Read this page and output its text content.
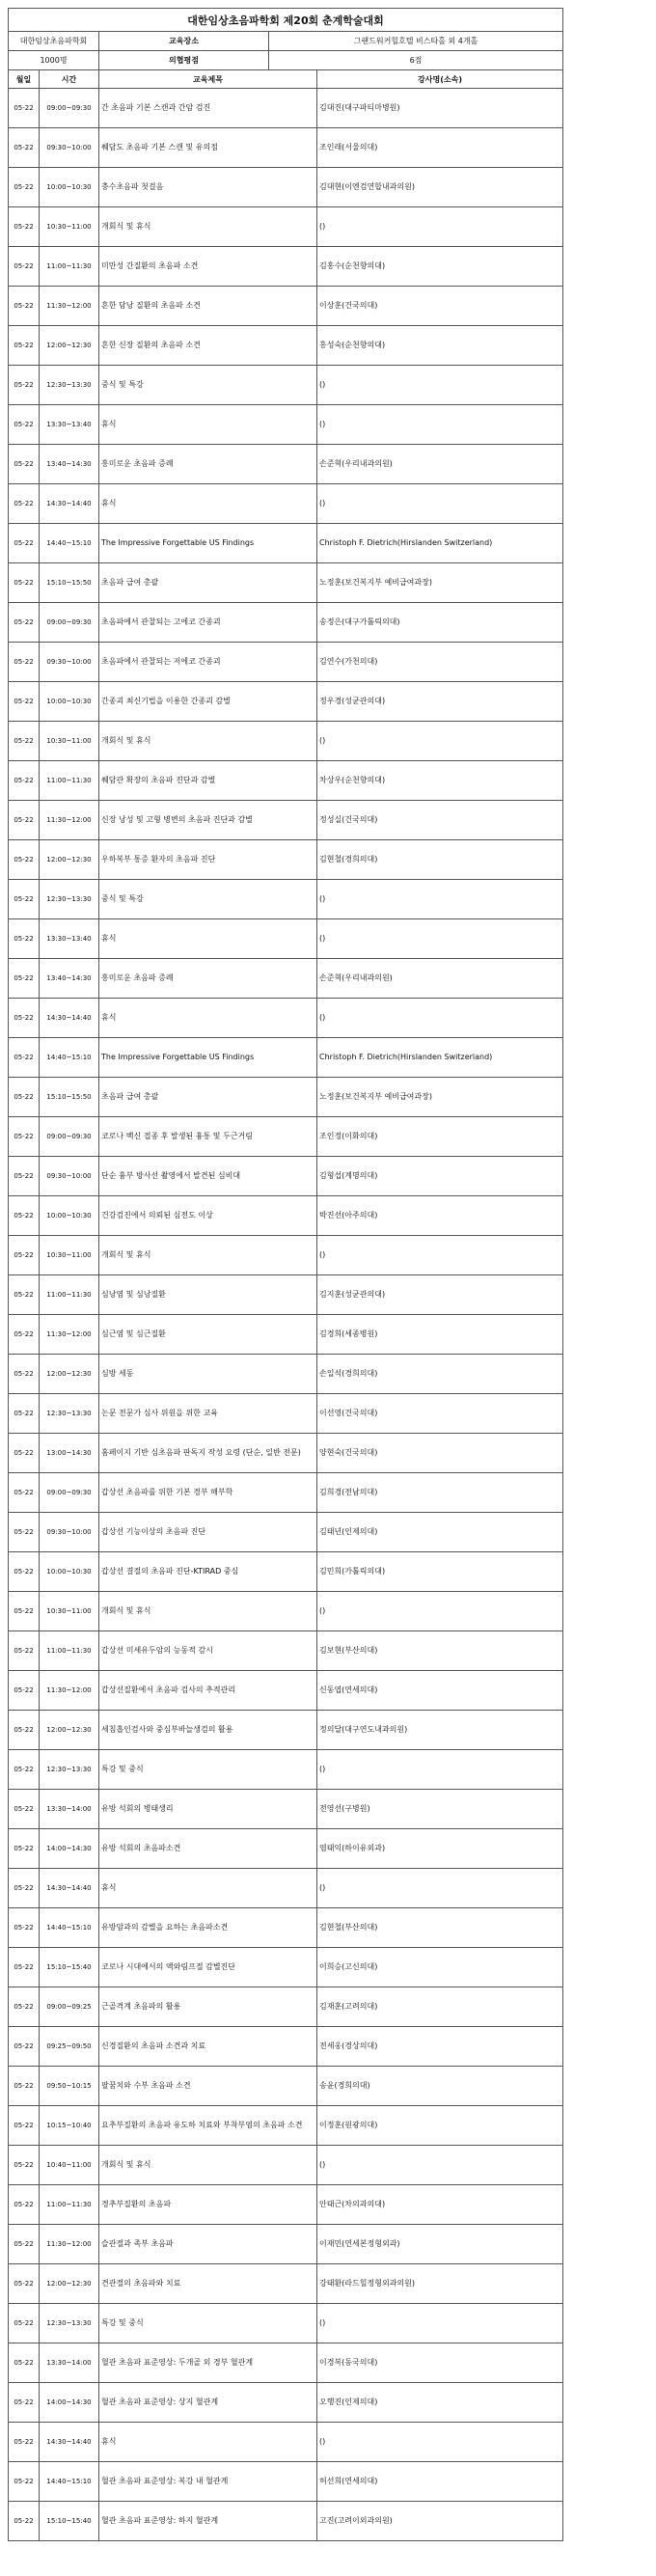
대한임상초음파학회 제20회 춘계학술대회				
대한임상초음파학회		교육장소	그랜드워커힐호텔 비스타홀 외 4개홀	
1000명		의협평점	6점	
월일	시간	교육제목		강사명(소속)
05-22	09:00~09:30	간 초음파 기본 스캔과 간암 검진		김대진(대구파티마병원)
05-22	09:30~10:00	췌담도 초음파 기본 스캔 및 유의점		조인래(서울의대)
05-22	10:00~10:30	충수초음파 첫걸음		김대현(이엔검연합내과의원)
05-22	10:30~11:00	개회식 및 휴식		()
05-22	11:00~11:30	미만성 간질환의 초음파 소견		김홍수(순천향의대)
05-22	11:30~12:00	흔한 담낭 질환의 초음파 소견		이상훈(건국의대)
05-22	12:00~12:30	흔한 신장 질환의 초음파 소견		홍성숙(순천향의대)
05-22	12:30~13:30	중식 및 특강		()
05-22	13:30~13:40	휴식		()
05-22	13:40~14:30	흥미로운 초음파 증례		손준혁(우리내과의원)
05-22	14:30~14:40	휴식		()
05-22	14:40~15:10	The Impressive Forgettable US Findings		Christoph F. Dietrich(Hirslanden Switzerland)
05-22	15:10~15:50	초음파 급여 총괄		노정훈(보건복지부 예비급여과장)
05-22	09:00~09:30	초음파에서 관찰되는 고에코 간종괴		송정은(대구가톨릭의대)
05-22	09:30~10:00	초음파에서 관찰되는 저에코 간종괴		김연수(가천의대)
05-22	10:00~10:30	간종괴 최신기법을 이용한 간종괴 감별		정우경(성균관의대)
05-22	10:30~11:00	개회식 및 휴식		()
05-22	11:00~11:30	췌담관 확장의 초음파 진단과 감별		차상우(순천향의대)
05-22	11:30~12:00	신장 낭성 및 고형 병변의 초음파 진단과 감별		정성실(건국의대)
05-22	12:00~12:30	우하복부 통증 환자의 초음파 진단		김현철(경희의대)
05-22	12:30~13:30	중식 및 특강		()
05-22	13:30~13:40	휴식		()
05-22	13:40~14:30	흥미로운 초음파 증례		손준혁(우리내과의원)
05-22	14:30~14:40	휴식		()
05-22	14:40~15:10	The Impressive Forgettable US Findings		Christoph F. Dietrich(Hirslanden Switzerland)
05-22	15:10~15:50	초음파 급여 총괄		노정훈(보건복지부 예비급여과장)
05-22	09:00~09:30	코로나 백신 접종 후 발생된 흉통 및 두근거림		조인정(이화의대)
05-22	09:30~10:00	단순 흉부 방사선 촬영에서 발견된 심비대		김형섭(계명의대)
05-22	10:00~10:30	건강검진에서 의뢰된 심전도 이상		박진선(아주의대)
05-22	10:30~11:00	개회식 및 휴식		()
05-22	11:00~11:30	심낭염 및 심낭질환		김지훈(성균관의대)
05-22	11:30~12:00	심근염 및 심근질환		김경희(세종병원)
05-22	12:00~12:30	심방 세동		손일석(경희의대)
05-22	12:30~13:30	논문 전문가 심사 위원을 위한 교육		이선영(건국의대)
05-22	13:00~14:30	홈페이지 기반 심초음파 판독지 작성 요령 (단순, 일반 전문)		양현숙(건국의대)
05-22	09:00~09:30	갑상선 초음파를 위한 기본 경부 해부학		김희경(전남의대)
05-22	09:30~10:00	갑상선 기능이상의 초음파 진단		김태년(인제의대)
05-22	10:00~10:30	갑상선 결절의 초음파 진단-KTIRAD 중심		김민희(가톨릭의대)
05-22	10:30~11:00	개회식 및 휴식		()
05-22	11:00~11:30	갑상선 미세유두암의 능동적 감시		김보현(부산의대)
05-22	11:30~12:00	갑상선질환에서 초음파 검사의 추적관리		신동엽(연세의대)
05-22	12:00~12:30	세침흡인검사와 중심부바늘생검의 활용		정의달(대구연도내과의원)
05-22	12:30~13:30	특강 및 중식		()
05-22	13:30~14:00	유방 석회의 병태생리		전영선(구병원)
05-22	14:00~14:30	유방 석회의 초음파소견		염태익(하이유외과)
05-22	14:30~14:40	휴식		()
05-22	14:40~15:10	유방암과의 감별을 요하는 초음파소견		김현철(부산의대)
05-22	15:10~15:40	코로나 시대에서의 액와림프절 감별진단		이희승(고신의대)
05-22	09:00~09:25	근골격계 초음파의 활용		김재훈(고려의대)
05-22	09:25~09:50	신경질환의 초음파 소견과 치료		전세웅(경상의대)
05-22	09:50~10:15	팔꿈치와 수부 초음파 소견		송윤(경희의대)
05-22	10:15~10:40	요추부질환의 초음파 유도하 치료와 부착부염의 초음파 소견		이정훈(원광의대)
05-22	10:40~11:00	개회식 및 휴식		()
05-22	11:00~11:30	경추부질환의 초음파		안태근(차의과의대)
05-22	11:30~12:00	슬관절과 족부 초음파		이재민(연세본정형외과)
05-22	12:00~12:30	견관절의 초음파와 치료		강태환(라드힐정형외과의원)
05-22	12:30~13:30	특강 및 중식		()
05-22	13:30~14:00	혈관 초음파 표준영상: 두개골 외 경부 혈관계		이경복(동국의대)
05-22	14:00~14:30	혈관 초음파 표준영상: 상지 혈관계		오행진(인제의대)
05-22	14:30~14:40	휴식		()
05-22	14:40~15:10	혈관 초음파 표준영상: 복강 내 혈관계		허선희(연세의대)
05-22	15:10~15:40	혈관 초음파 표준영상: 하지 혈관계		고진(고려이외과의원)
